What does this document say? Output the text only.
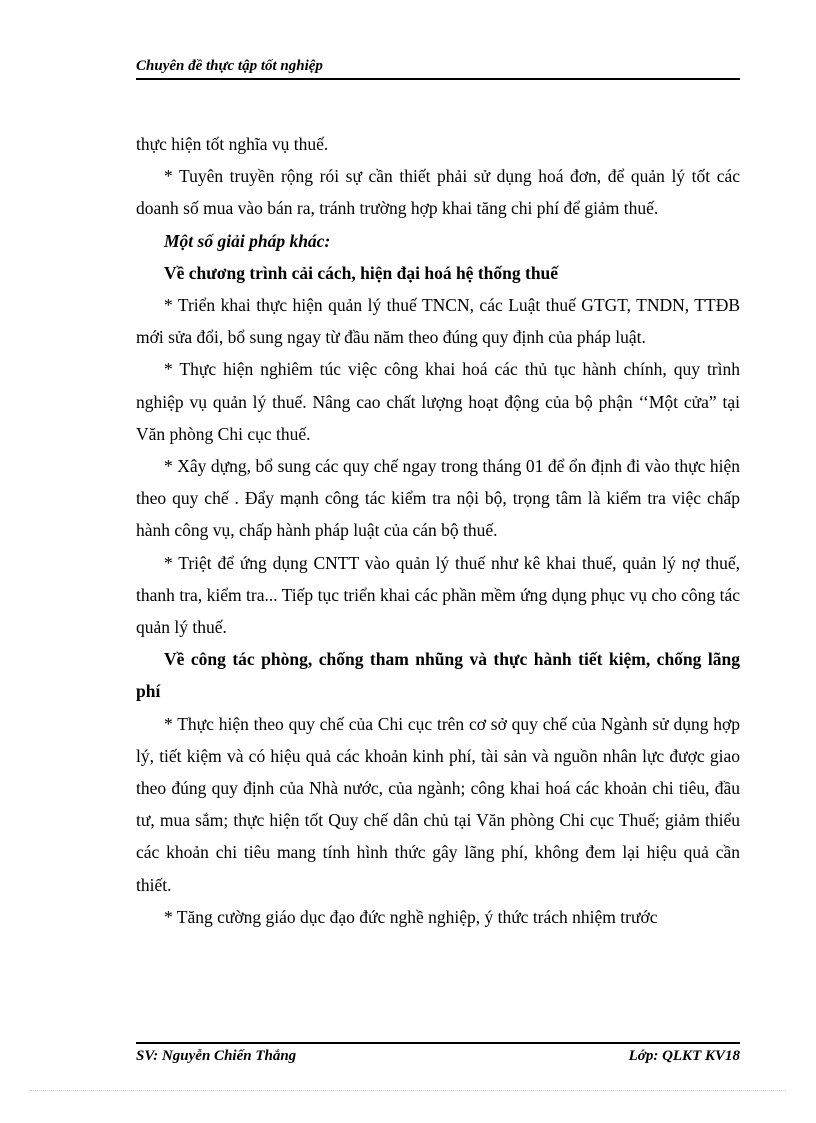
Chuyên đề thực tập tốt nghiệp

thực hiện tốt nghĩa vụ thuế.

* Tuyên truyền rộng rói sự cần thiết phải sử dụng hoá đơn, để quản lý tốt các doanh số mua vào bán ra, tránh trường hợp khai tăng chi phí để giảm thuế.

Một số giải pháp khác:

Về chương trình cải cách, hiện đại hoá hệ thống thuế

* Triển khai thực hiện quản lý thuế TNCN, các Luật thuế GTGT, TNDN, TTĐB mới sửa đổi, bổ sung ngay từ đầu năm theo đúng quy định của pháp luật.

* Thực hiện nghiêm túc việc công khai hoá các thủ tục hành chính, quy trình nghiệp vụ quản lý thuế. Nâng cao chất lượng hoạt động của bộ phận ‘‘Một cửa” tại Văn phòng Chi cục thuế.

* Xây dựng, bổ sung các quy chế ngay trong tháng 01 để ổn định đi vào thực hiện theo quy chế . Đẩy mạnh công tác kiểm tra nội bộ, trọng tâm là kiểm tra việc chấp hành công vụ, chấp hành pháp luật của cán bộ thuế.

* Triệt để ứng dụng CNTT vào quản lý thuế như kê khai thuế, quản lý nợ thuế, thanh tra, kiểm tra... Tiếp tục triển khai các phần mềm ứng dụng phục vụ cho công tác quản lý thuế.

Về công tác phòng, chống tham nhũng và thực hành tiết kiệm, chống lãng phí

* Thực hiện theo quy chế của Chi cục trên cơ sở quy chế của Ngành sử dụng hợp lý, tiết kiệm và có hiệu quả các khoản kinh phí, tài sản và nguồn nhân lực được giao theo đúng quy định của Nhà nước, của ngành; công khai hoá các khoản chi tiêu, đầu tư, mua sắm; thực hiện tốt Quy chế dân chủ tại Văn phòng Chi cục Thuế; giảm thiểu các khoản chi tiêu mang tính hình thức gây lãng phí, không đem lại hiệu quả cần thiết.

* Tăng cường giáo dục đạo đức nghề nghiệp, ý thức trách nhiệm trước

SV: Nguyễn Chiến Thắng	Lớp: QLKT KV18
